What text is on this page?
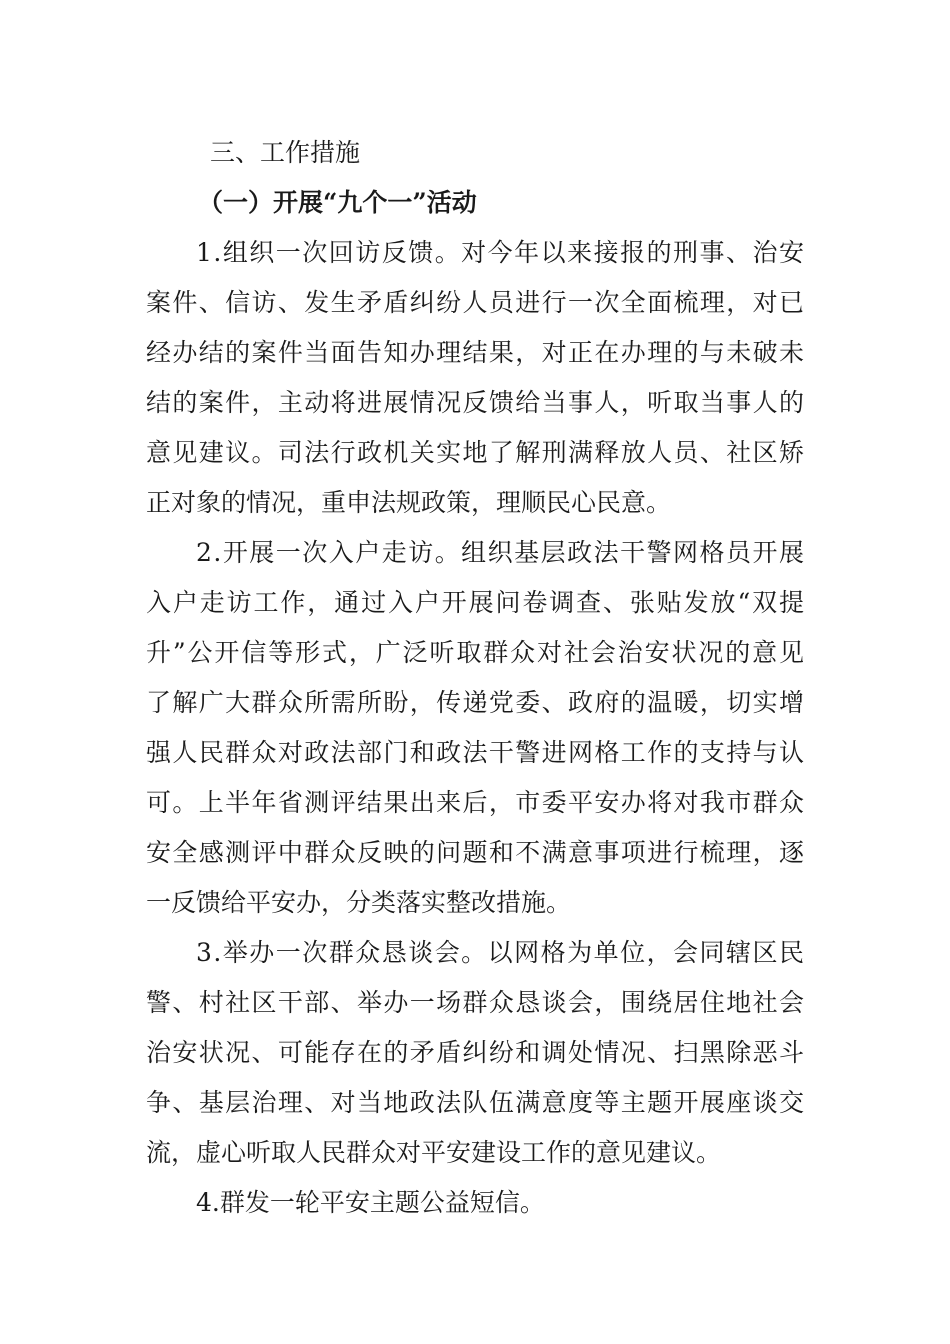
三、工作措施
（一）开展“九个一”活动
1.组织一次回访反馈。对今年以来接报的刑事、治安
案件、信访、发生矛盾纠纷人员进行一次全面梳理，对已
经办结的案件当面告知办理结果，对正在办理的与未破未
结的案件，主动将进展情况反馈给当事人，听取当事人的
意见建议。司法行政机关实地了解刑满释放人员、社区矫
正对象的情况，重申法规政策，理顺民心民意。
2.开展一次入户走访。组织基层政法干警网格员开展
入户走访工作，通过入户开展问卷调查、张贴发放“双提
升”公开信等形式，广泛听取群众对社会治安状况的意见
了解广大群众所需所盼，传递党委、政府的温暖，切实增
强人民群众对政法部门和政法干警进网格工作的支持与认
可。上半年省测评结果出来后，市委平安办将对我市群众
安全感测评中群众反映的问题和不满意事项进行梳理，逐
一反馈给平安办，分类落实整改措施。
3.举办一次群众恳谈会。以网格为单位，会同辖区民
警、村社区干部、举办一场群众恳谈会，围绕居住地社会
治安状况、可能存在的矛盾纠纷和调处情况、扫黑除恶斗
争、基层治理、对当地政法队伍满意度等主题开展座谈交
流，虚心听取人民群众对平安建设工作的意见建议。
4.群发一轮平安主题公益短信。
